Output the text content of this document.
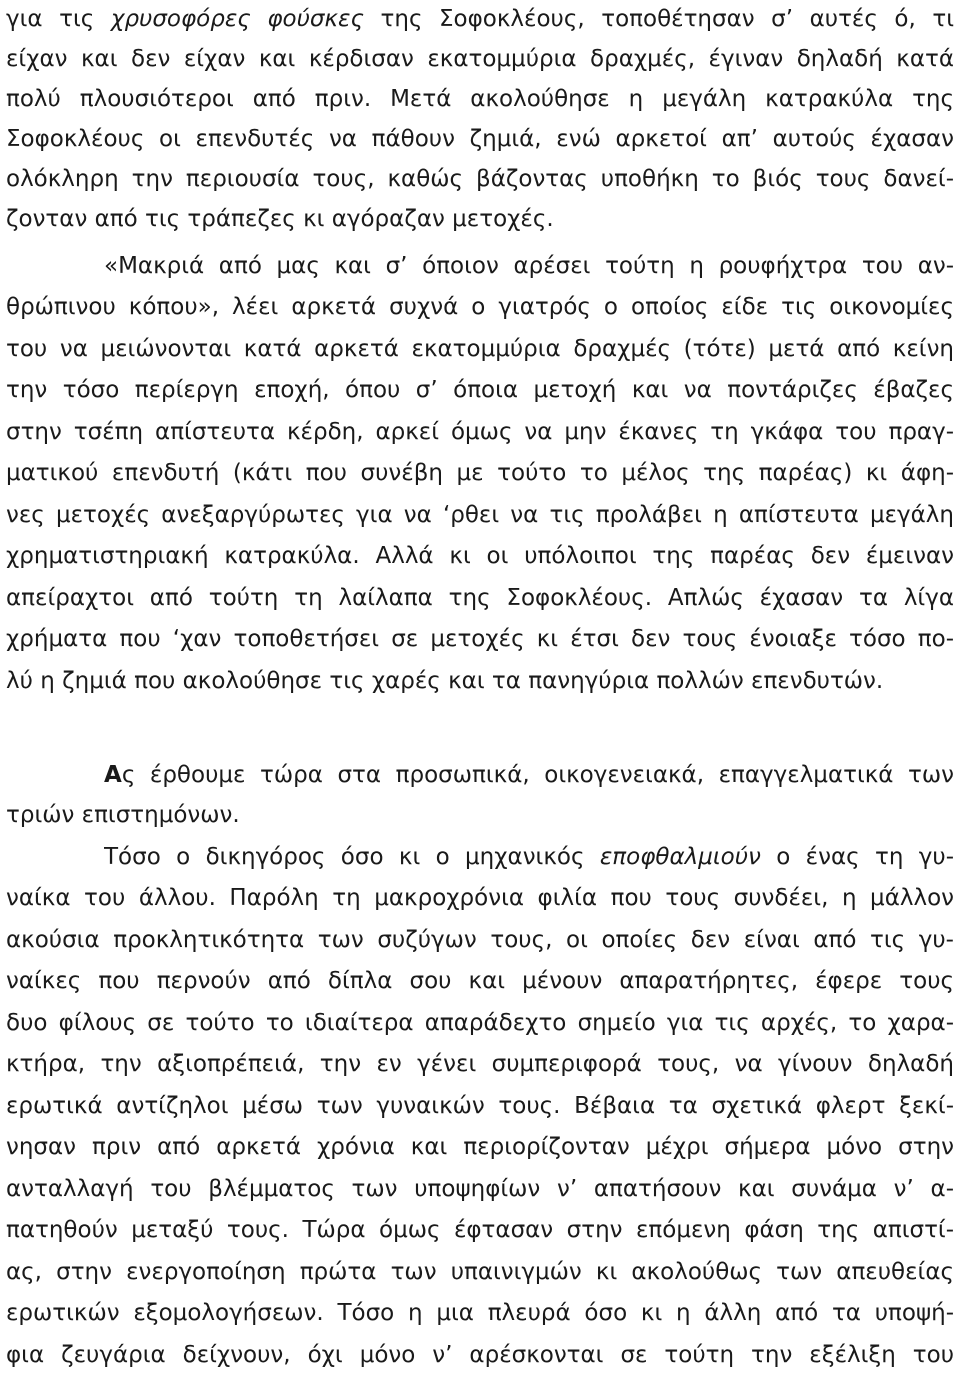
για τις χρυσοφόρες φούσκες της Σοφοκλέους, τοποθέτησαν σ’ αυτές ό, τι
είχαν και δεν είχαν και κέρδισαν εκατομμύρια δραχμές, έγιναν δηλαδή κατά
πολύ πλουσιότεροι από πριν. Μετά ακολούθησε η μεγάλη κατρακύλα της
Σοφοκλέους οι επενδυτές να πάθουν ζημιά, ενώ αρκετοί απ’ αυτούς έχασαν
ολόκληρη την περιουσία τους, καθώς βάζοντας υποθήκη το βιός τους δανεί-
ζονταν από τις τράπεζες κι αγόραζαν μετοχές.
«Μακριά από μας και σ’ όποιον αρέσει τούτη η ρουφήχτρα του αν-
θρώπινου κόπου», λέει αρκετά συχνά ο γιατρός ο οποίος είδε τις οικονομίες
του να μειώνονται κατά αρκετά εκατομμύρια δραχμές (τότε) μετά από κείνη
την τόσο περίεργη εποχή, όπου σ’ όποια μετοχή και να ποντάριζες έβαζες
στην τσέπη απίστευτα κέρδη, αρκεί όμως να μην έκανες τη γκάφα του πραγ-
ματικού επενδυτή (κάτι που συνέβη με τούτο το μέλος της παρέας) κι άφη-
νες μετοχές ανεξαργύρωτες για να ‘ρθει να τις προλάβει η απίστευτα μεγάλη
χρηματιστηριακή κατρακύλα. Αλλά κι οι υπόλοιποι της παρέας δεν έμειναν
απείραχτοι από τούτη τη λαίλαπα της Σοφοκλέους. Απλώς έχασαν τα λίγα
χρήματα που ‘χαν τοποθετήσει σε μετοχές κι έτσι δεν τους ένοιαξε τόσο πο-
λύ η ζημιά που ακολούθησε τις χαρές και τα πανηγύρια πολλών επενδυτών.
Ας έρθουμε τώρα στα προσωπικά, οικογενειακά, επαγγελματικά των
τριών επιστημόνων.
Τόσο ο δικηγόρος όσο κι ο μηχανικός εποφθαλμιούν ο ένας τη γυ-
ναίκα του άλλου. Παρόλη τη μακροχρόνια φιλία που τους συνδέει, η μάλλον
ακούσια προκλητικότητα των συζύγων τους, οι οποίες δεν είναι από τις γυ-
ναίκες που περνούν από δίπλα σου και μένουν απαρατήρητες, έφερε τους
δυο φίλους σε τούτο το ιδιαίτερα απαράδεχτο σημείο για τις αρχές, το χαρα-
κτήρα, την αξιοπρέπειά, την εν γένει συμπεριφορά τους, να γίνουν δηλαδή
ερωτικά αντίζηλοι μέσω των γυναικών τους. Βέβαια τα σχετικά φλερτ ξεκί-
νησαν πριν από αρκετά χρόνια και περιορίζονταν μέχρι σήμερα μόνο στην
ανταλλαγή του βλέμματος των υποψηφίων ν’ απατήσουν και συνάμα ν’ α-
πατηθούν μεταξύ τους. Τώρα όμως έφτασαν στην επόμενη φάση της απιστί-
ας, στην ενεργοποίηση πρώτα των υπαινιγμών κι ακολούθως των απευθείας
ερωτικών εξομολογήσεων. Τόσο η μια πλευρά όσο κι η άλλη από τα υποψή-
φια ζευγάρια δείχνουν, όχι μόνο ν’ αρέσκονται σε τούτη την εξέλιξη του
